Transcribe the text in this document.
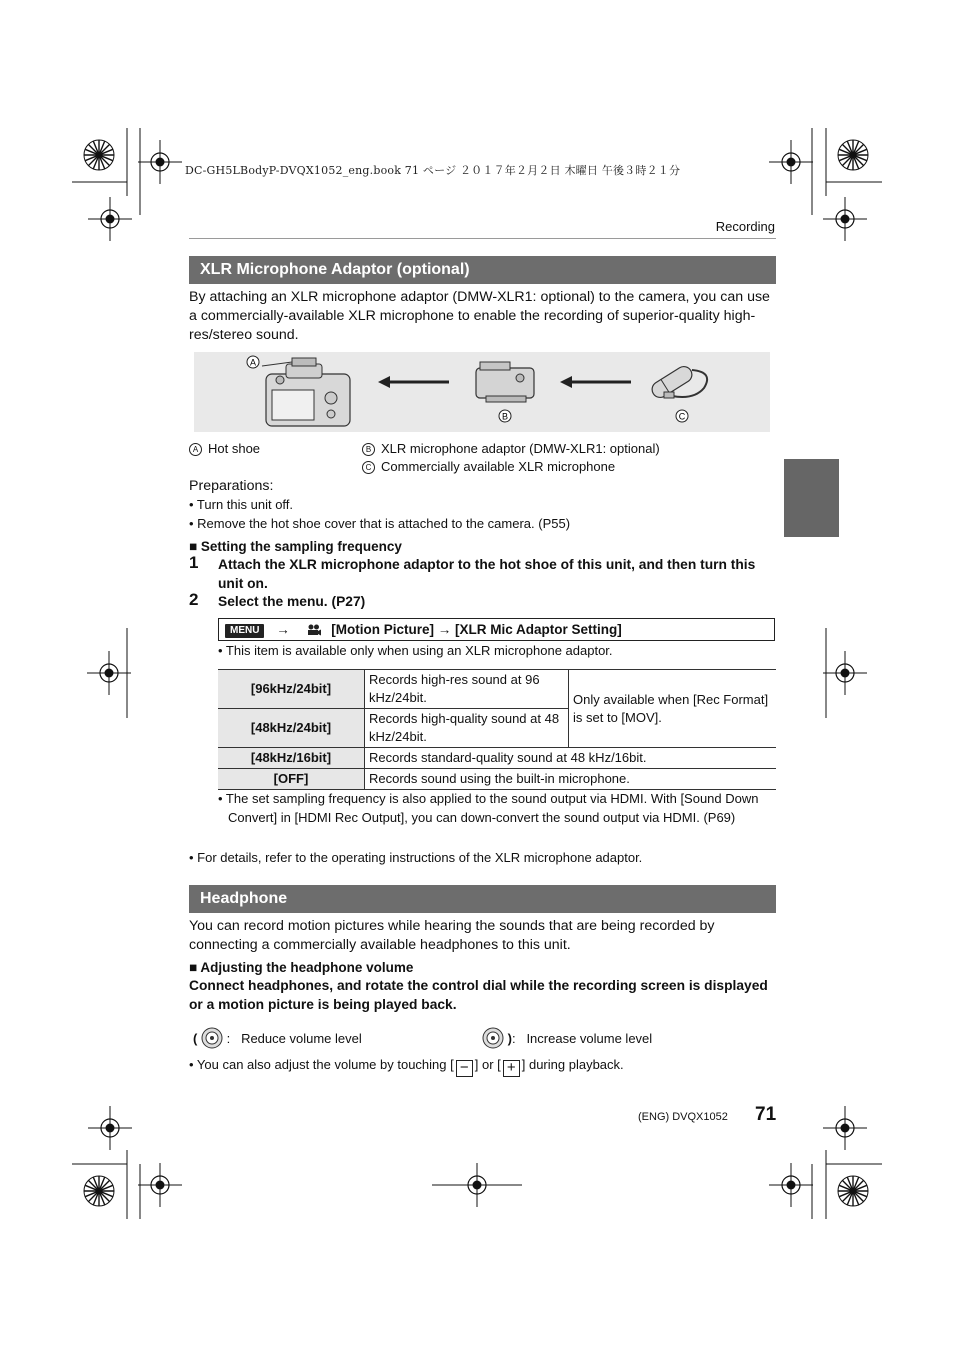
DC-GH5LBodyP-DVQX1052_eng.book 71 ページ ２０１７年２月２日 木曜日 午後３時２１分
Recording
XLR Microphone Adaptor (optional)
By attaching an XLR microphone adaptor (DMW-XLR1: optional) to the camera, you can use a commercially-available XLR microphone to enable the recording of superior-quality high-res/stereo sound.
A
B	C
A Hot shoe	B XLR microphone adaptor (DMW-XLR1: optional)
C Commercially available XLR microphone
Preparations:
• Turn this unit off.
• Remove the hot shoe cover that is attached to the camera. (P55)
■ Setting the sampling frequency
1 Attach the XLR microphone adaptor to the hot shoe of this unit, and then turn this unit on.
2 Select the menu. (P27)
MENU →	[Motion Picture] → [XLR Mic Adaptor Setting]
• This item is available only when using an XLR microphone adaptor.
[96kHz/24bit]	Records high-res sound at 96 kHz/24bit.	Only available when [Rec Format] is set to [MOV].
[48kHz/24bit]	Records high-quality sound at 48 kHz/24bit.	
[48kHz/16bit]	Records standard-quality sound at 48 kHz/16bit.	
[OFF]	Records sound using the built-in microphone.	
• The set sampling frequency is also applied to the sound output via HDMI. With [Sound Down Convert] in [HDMI Rec Output], you can down-convert the sound output via HDMI. (P69)
• For details, refer to the operating instructions of the XLR microphone adaptor.
Headphone
You can record motion pictures while hearing the sounds that are being recorded by connecting a commercially available headphones to this unit.
■ Adjusting the headphone volume
Connect headphones, and rotate the control dial while the recording screen is displayed or a motion picture is being played back.
( :   Reduce volume level	):   Increase volume level
• You can also adjust the volume by touching [ − ] or [ + ] during playback.
(ENG) DVQX1052 71
